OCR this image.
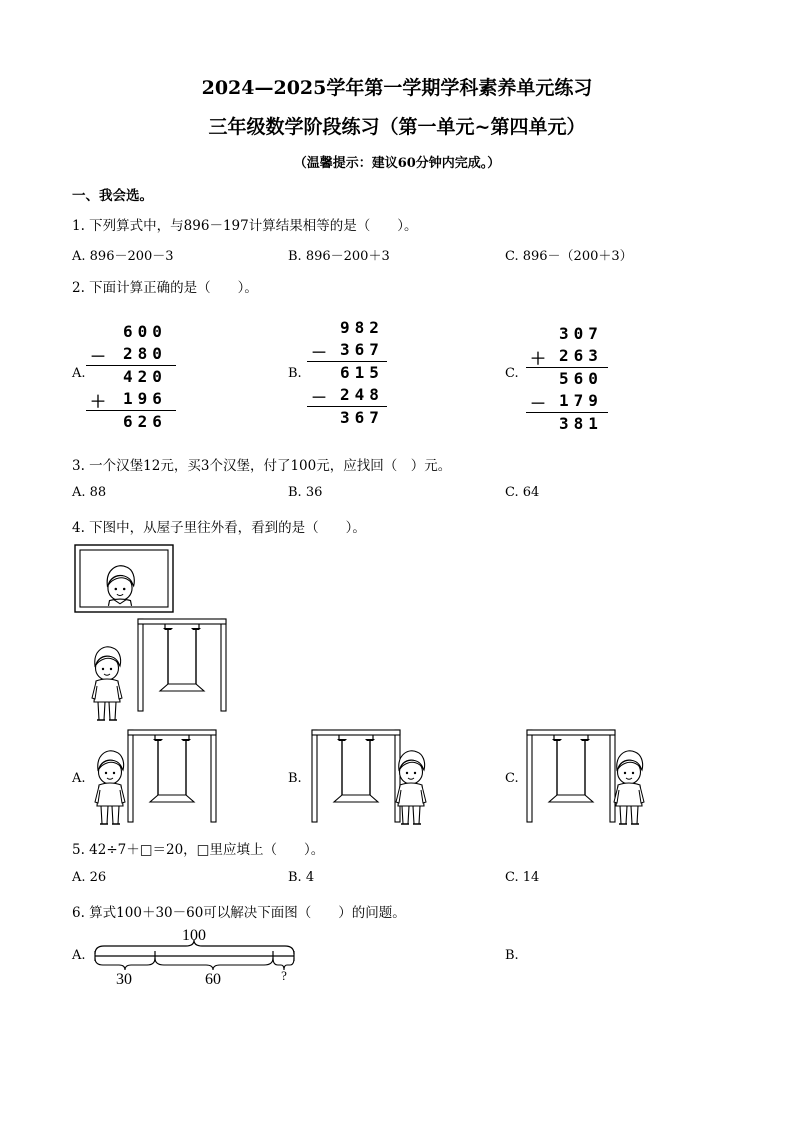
2024—2025学年第一学期学科素养单元练习
三年级数学阶段练习（第一单元~第四单元）
（温馨提示：建议60分钟内完成。）
一、我会选。
1. 下列算式中，与896－197计算结果相等的是（　　）。
A. 896－200－3	B. 896－200＋3	C. 896－（200＋3）
2. 下面计算正确的是（　　）。
A.
600
－ 280
420
＋ 196
626
B.
982
－ 367
615
－ 248
367
C.
307
＋ 263
560
－ 179
381
3. 一个汉堡12元，买3个汉堡，付了100元，应找回（　）元。
A. 88	B. 36	C. 64
4. 下图中，从屋子里往外看，看到的是（　　）。
A.	B.	C.
5. 42÷7＋□＝20，□里应填上（　　）。
A. 26	B. 4	C. 14
6. 算式100＋30－60可以解决下面图（　　）的问题。
A.	B.
100
30	60	?
